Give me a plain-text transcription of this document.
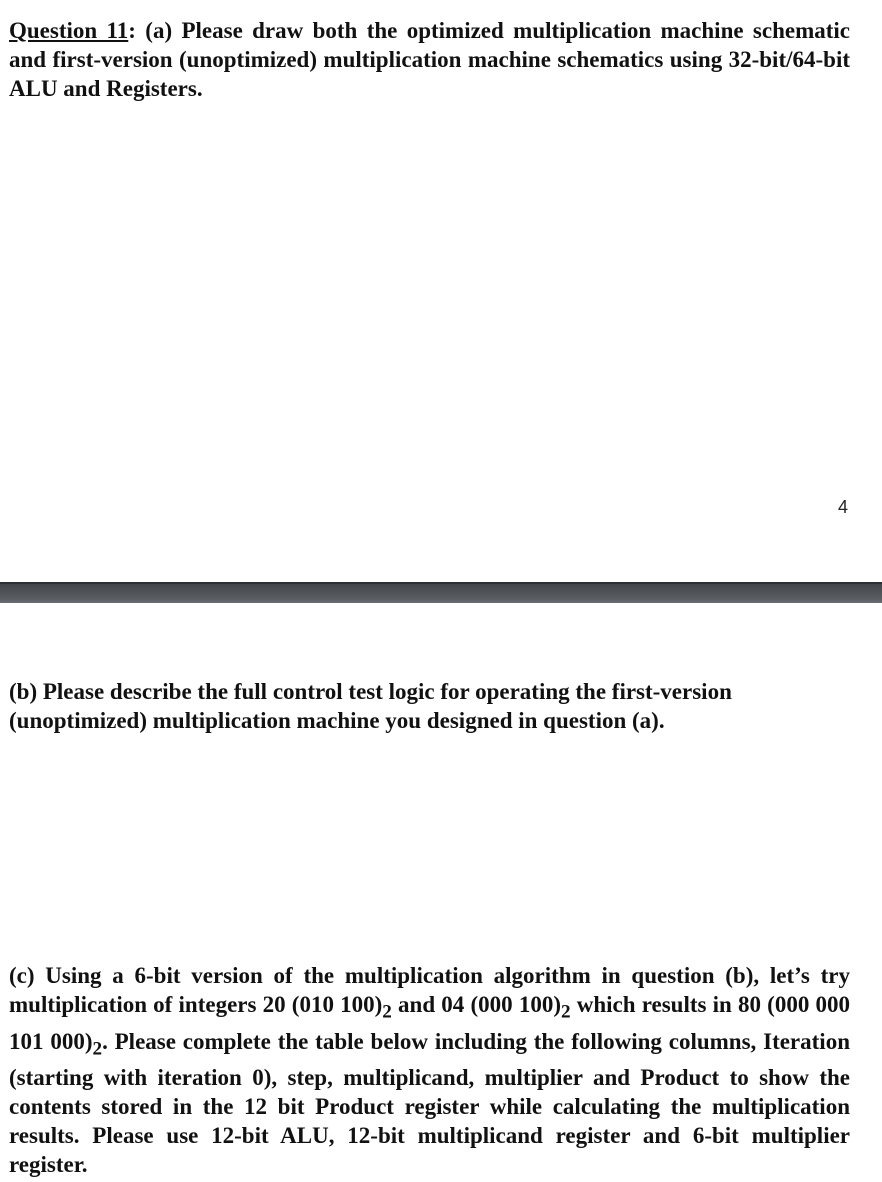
Question 11: (a) Please draw both the optimized multiplication machine schematic and first-version (unoptimized) multiplication machine schematics using 32-bit/64-bit ALU and Registers.

4

(b) Please describe the full control test logic for operating the first-version (unoptimized) multiplication machine you designed in question (a).

(c) Using a 6-bit version of the multiplication algorithm in question (b), let’s try multiplication of integers 20 (010 $100)_2$ and 04 (000 $100)_2$ which results in 80 (000 000 101 $000)_2$. Please complete the table below including the following columns, Iteration (starting with iteration 0), step, multiplicand, multiplier and Product to show the contents stored in the 12 bit Product register while calculating the multiplication results. Please use 12-bit ALU, 12-bit multiplicand register and 6-bit multiplier register.
